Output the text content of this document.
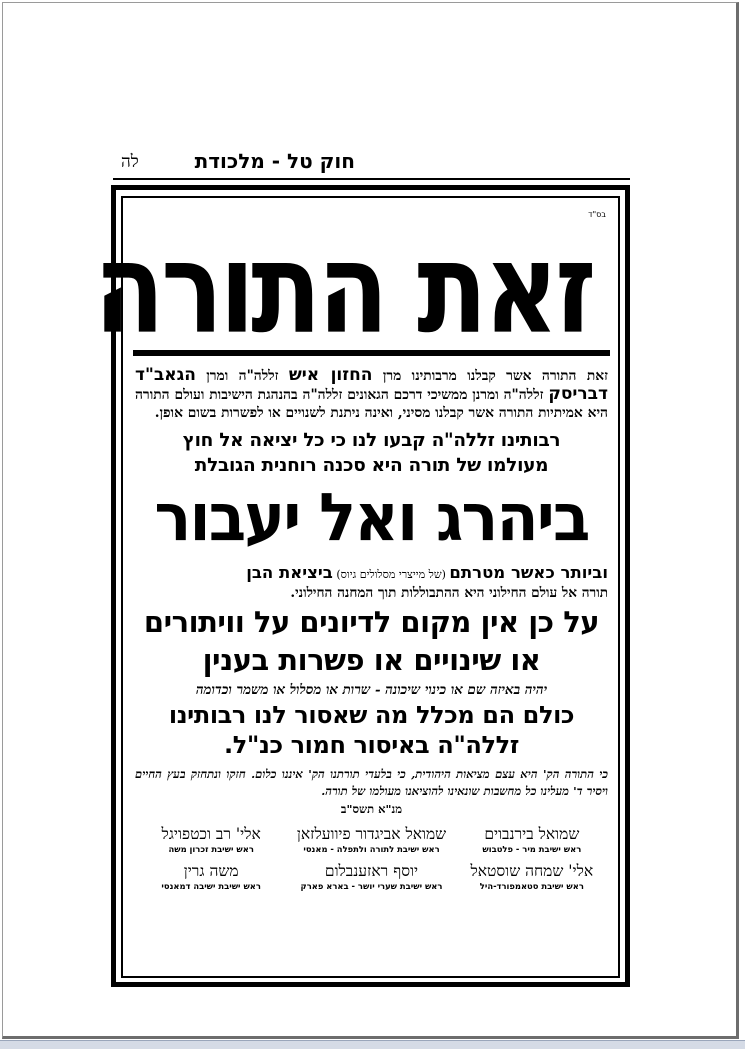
לה	חוק טל - מלכודת
בס"ד
זאת התורה
זאת התורה אשר קבלנו מרבותינו מרן החזון איש זללה"ה ומרן הגאב"ד דבריסק זללה"ה ומרנן ממשיכי דרכם הגאונים זללה"ה בהנהגת הישיבות ועולם התורה היא אמיתיות התורה אשר קבלנו מסיני, ואינה ניתנת לשנויים או לפשרות בשום אופן.
רבותינו זללה"ה קבעו לנו כי כל יציאה אל חוץ
מעולמו של תורה היא סכנה רוחנית הגובלת
ביהרג ואל יעבור
וביותר כאשר מטרתם (של מייצרי מסלולים גיוס) ביציאת הבן
תורה אל עולם החילוני היא ההתבוללות תוך המחנה החילוני.
על כן אין מקום לדיונים על וויתורים
או שינויים או פשרות בענין
יהיה באיזה שם או כינוי שיכונה - שרות או מסלול או משמר וכדומה
כולם הם מכלל מה שאסור לנו רבותינו
זללה"ה באיסור חמור כנ"ל.
כי התורה הק' היא עצם מציאות היהודית, כי בלעדי תורתנו הק' איננו כלום. חזקו ונתחזק בעץ החיים ויסיר ד' מעלינו כל מחשבות שונאינו להוציאנו מעולמו של תורה.
מנ"א תשס"ב
שמואל בירנבוים
ראש ישיבת מיר - פלטבוש
שמואל אביגדור פיוועלזאן
ראש ישיבת לתורה ולתפלה - מאנסי
אלי' רב וכטפויגל
ראש ישיבת זכרון משה
אלי' שמחה שוסטאל
ראש ישיבת סטאמפורד-היל
יוסף ראזענבלום
ראש ישיבת שערי יושר - בארא פארק
משה גרין
ראש ישיבת ישיבה דמאנסי
